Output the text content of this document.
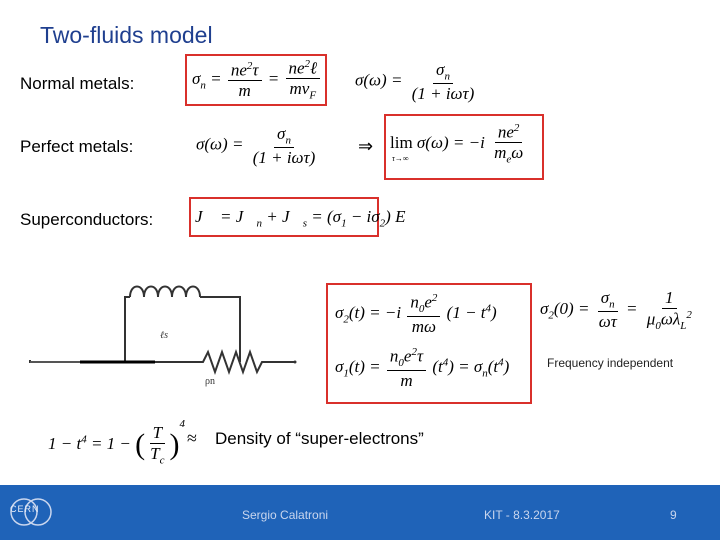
Two-fluids model
Normal metals:
Perfect metals:
Superconductors:
$\sigma_n = \frac{ne^2\tau}{m} = \frac{ne^2\ell}{mv_F} \sigma(\omega) = \frac{\sigma_n}{\text{(1 + iωτ)}}$
$\sigma(\omega) = \frac{\sigma_n}{\text{(1 + iωτ)}}$ ⇒ $\lim \sigma(\omega) = -i \frac{ne^2}{m_e\omega}$
τ→∞
J⃗ = $J⃗_n$ + $J⃗_s = (\sigma_1 - i\sigma_2)$ E⃗
ℓs
ρn
$\sigma_2(t) = -i \frac{n_0e^2}{m\omega} (1 - t^4)$
$\sigma_1(t) = \frac{n_0e^2\tau}{m} (t^4) = \sigma_n(t^4)$
$\sigma_2(0) = \frac{\sigma_n}{\omega\tau} = \frac{1}{\mu_0\omega\lambda_L^2}$
Frequency independent
$1 - t^4 = 1$ − ( $\frac{T}{T_c} )^4$
≈ Density of “super-electrons”
CERN	Sergio Calatroni	KIT - 8.3.2017	9
